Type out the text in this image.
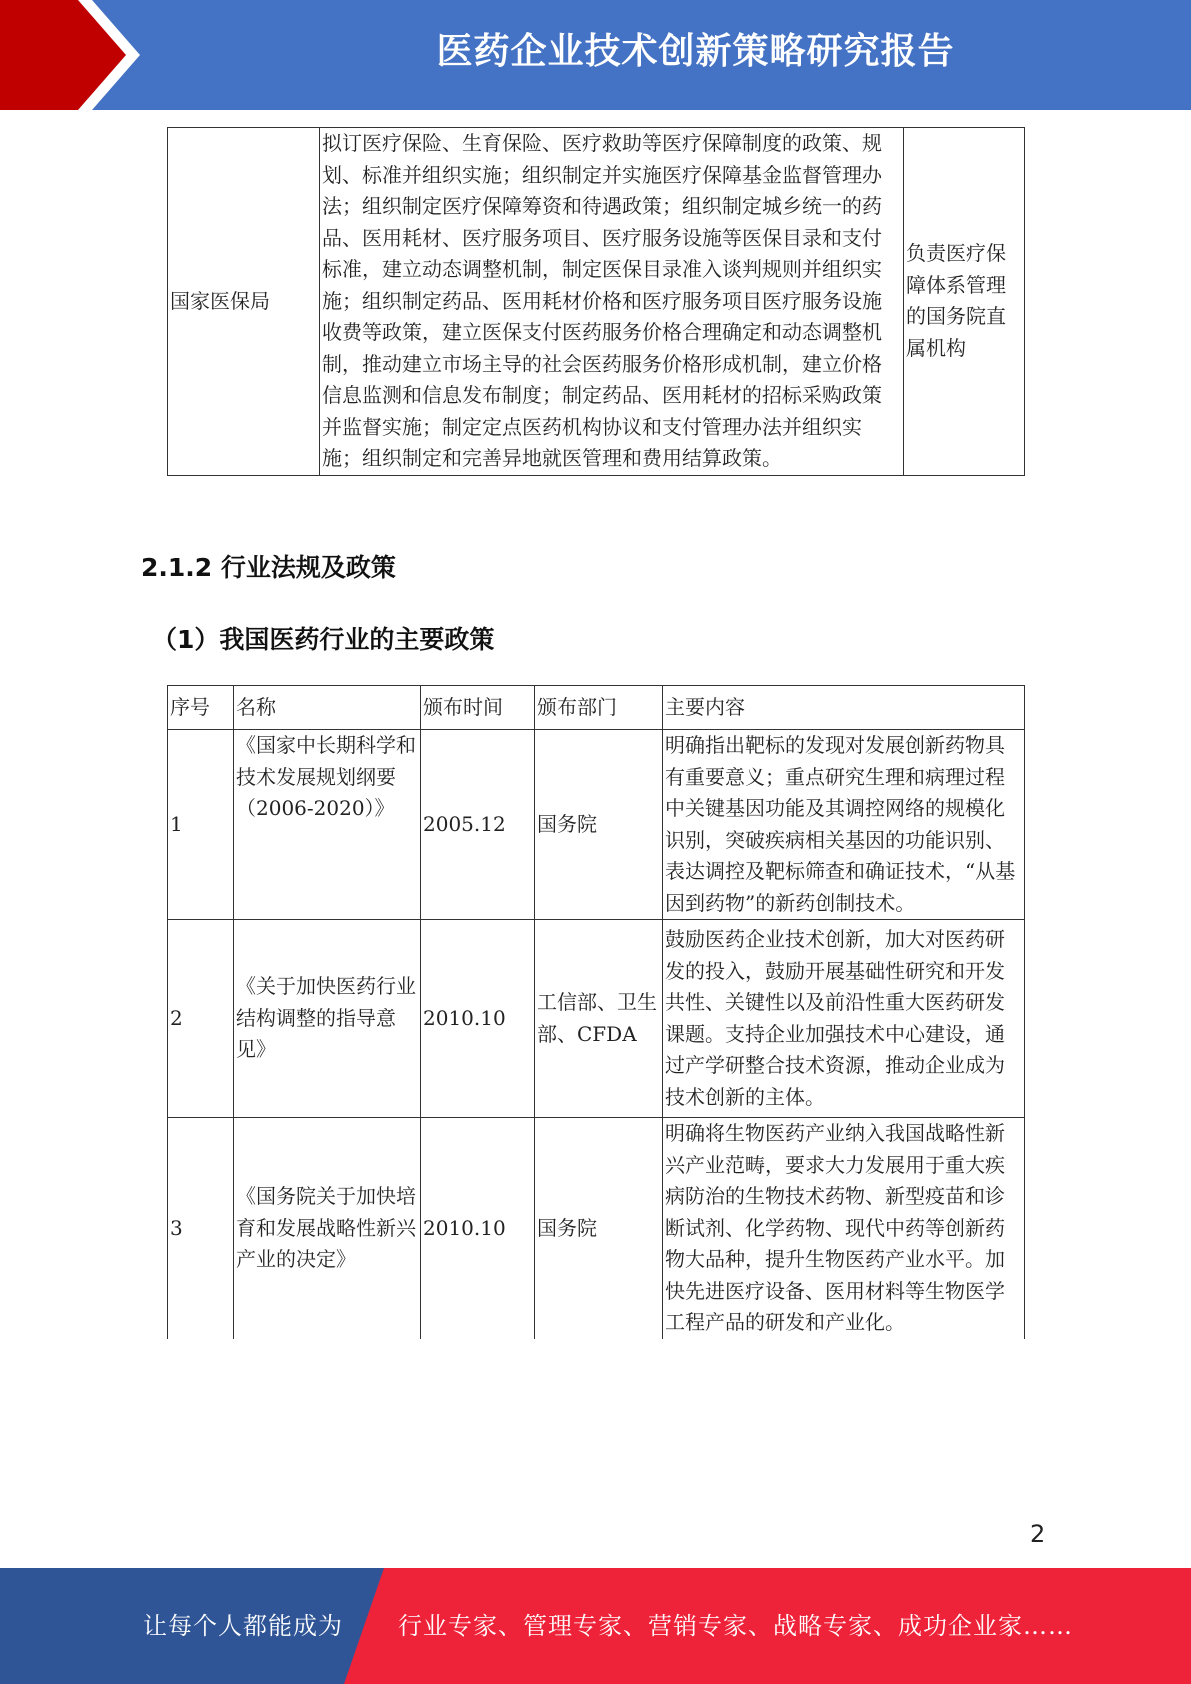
医药企业技术创新策略研究报告
国家医保局	拟订医疗保险、生育保险、医疗救助等医疗保障制度的政策、规划、标准并组织实施；组织制定并实施医疗保障基金监督管理办法；组织制定医疗保障筹资和待遇政策；组织制定城乡统一的药品、医用耗材、医疗服务项目、医疗服务设施等医保目录和支付标准，建立动态调整机制，制定医保目录准入谈判规则并组织实施；组织制定药品、医用耗材价格和医疗服务项目医疗服务设施收费等政策，建立医保支付医药服务价格合理确定和动态调整机制，推动建立市场主导的社会医药服务价格形成机制，建立价格信息监测和信息发布制度；制定药品、医用耗材的招标采购政策并监督实施；制定定点医药机构协议和支付管理办法并组织实施；组织制定和完善异地就医管理和费用结算政策。	负责医疗保障体系管理的国务院直属机构
2.1.2 行业法规及政策
（1）我国医药行业的主要政策
序号	名称	颁布时间	颁布部门	主要内容
1	《国家中长期科学和技术发展规划纲要（2006-2020）》	2005.12	国务院	明确指出靶标的发现对发展创新药物具有重要意义；重点研究生理和病理过程中关键基因功能及其调控网络的规模化识别，突破疾病相关基因的功能识别、表达调控及靶标筛查和确证技术，“从基因到药物”的新药创制技术。
2	《关于加快医药行业结构调整的指导意见》	2010.10	工信部、卫生部、CFDA	鼓励医药企业技术创新，加大对医药研发的投入，鼓励开展基础性研究和开发共性、关键性以及前沿性重大医药研发课题。支持企业加强技术中心建设，通过产学研整合技术资源，推动企业成为技术创新的主体。
3	《国务院关于加快培育和发展战略性新兴产业的决定》	2010.10	国务院	明确将生物医药产业纳入我国战略性新兴产业范畴，要求大力发展用于重大疾病防治的生物技术药物、新型疫苗和诊断试剂、化学药物、现代中药等创新药物大品种，提升生物医药产业水平。加快先进医疗设备、医用材料等生物医学工程产品的研发和产业化。
2
让每个人都能成为 行业专家、管理专家、营销专家、战略专家、成功企业家……
